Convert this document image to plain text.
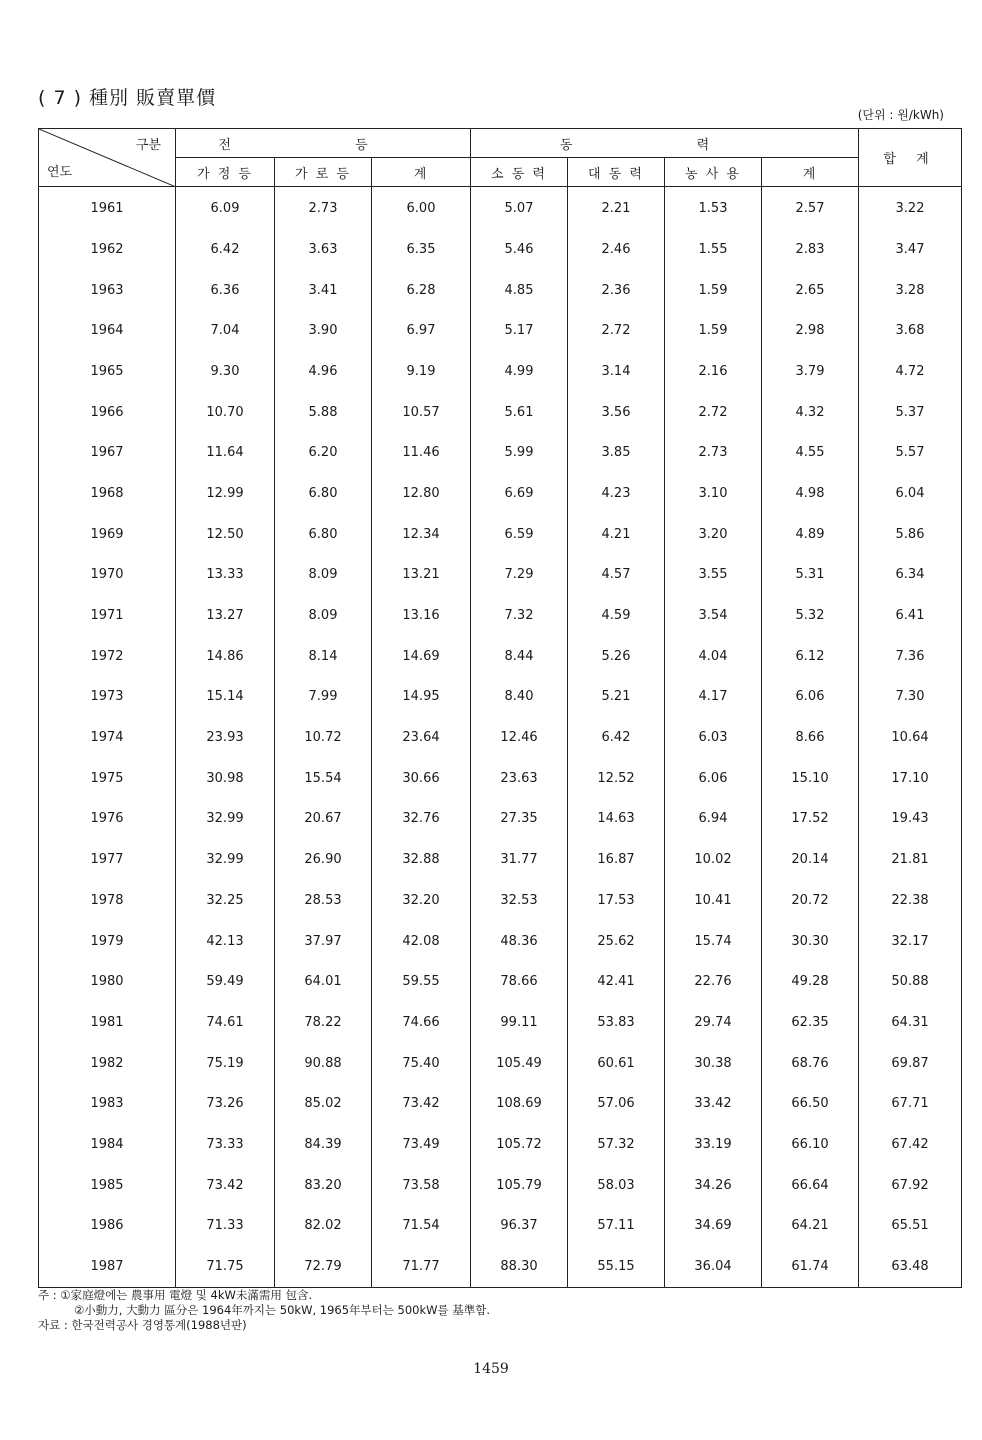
( 7 ) 種別 販賣單價
(단위 : 원/kWh)
구분
연도	전 등			동 력				합 계
	가 정 등	가 로 등	계	소 동 력	대 동 력	농 사 용	계	
1961	6.09	2.73	6.00	5.07	2.21	1.53	2.57	3.22
1962	6.42	3.63	6.35	5.46	2.46	1.55	2.83	3.47
1963	6.36	3.41	6.28	4.85	2.36	1.59	2.65	3.28
1964	7.04	3.90	6.97	5.17	2.72	1.59	2.98	3.68
1965	9.30	4.96	9.19	4.99	3.14	2.16	3.79	4.72
1966	10.70	5.88	10.57	5.61	3.56	2.72	4.32	5.37
1967	11.64	6.20	11.46	5.99	3.85	2.73	4.55	5.57
1968	12.99	6.80	12.80	6.69	4.23	3.10	4.98	6.04
1969	12.50	6.80	12.34	6.59	4.21	3.20	4.89	5.86
1970	13.33	8.09	13.21	7.29	4.57	3.55	5.31	6.34
1971	13.27	8.09	13.16	7.32	4.59	3.54	5.32	6.41
1972	14.86	8.14	14.69	8.44	5.26	4.04	6.12	7.36
1973	15.14	7.99	14.95	8.40	5.21	4.17	6.06	7.30
1974	23.93	10.72	23.64	12.46	6.42	6.03	8.66	10.64
1975	30.98	15.54	30.66	23.63	12.52	6.06	15.10	17.10
1976	32.99	20.67	32.76	27.35	14.63	6.94	17.52	19.43
1977	32.99	26.90	32.88	31.77	16.87	10.02	20.14	21.81
1978	32.25	28.53	32.20	32.53	17.53	10.41	20.72	22.38
1979	42.13	37.97	42.08	48.36	25.62	15.74	30.30	32.17
1980	59.49	64.01	59.55	78.66	42.41	22.76	49.28	50.88
1981	74.61	78.22	74.66	99.11	53.83	29.74	62.35	64.31
1982	75.19	90.88	75.40	105.49	60.61	30.38	68.76	69.87
1983	73.26	85.02	73.42	108.69	57.06	33.42	66.50	67.71
1984	73.33	84.39	73.49	105.72	57.32	33.19	66.10	67.42
1985	73.42	83.20	73.58	105.79	58.03	34.26	66.64	67.92
1986	71.33	82.02	71.54	96.37	57.11	34.69	64.21	65.51
1987	71.75	72.79	71.77	88.30	55.15	36.04	61.74	63.48
주 : ①家庭燈에는 農事用 電燈 및 4kW未滿需用 包含.
②小動力, 大動力 區分은 1964年까지는 50kW, 1965年부터는 500kW를 基準함.
자료 : 한국전력공사 경영통계(1988년판)
1459
